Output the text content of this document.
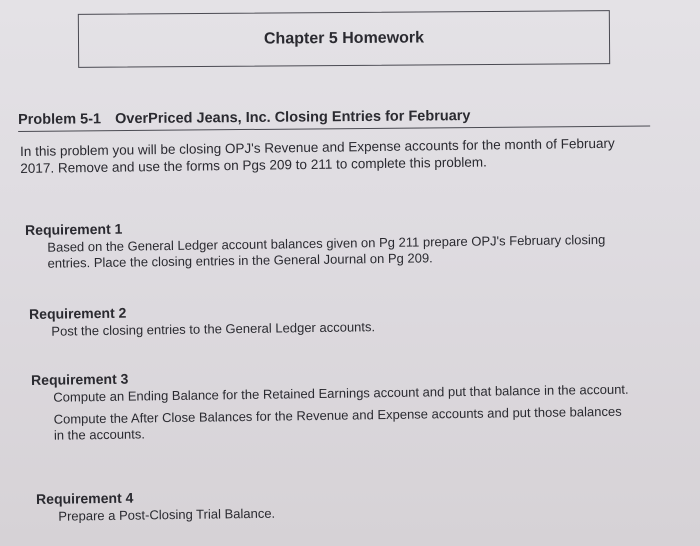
Chapter 5 Homework
Problem 5-1 OverPriced Jeans, Inc. Closing Entries for February
In this problem you will be closing OPJ's Revenue and Expense accounts for the month of February 2017. Remove and use the forms on Pgs 209 to 211 to complete this problem.
Requirement 1

Based on the General Ledger account balances given on Pg 211 prepare OPJ's February closing entries. Place the closing entries in the General Journal on Pg 209.

Requirement 2

Post the closing entries to the General Ledger accounts.

Requirement 3

Compute an Ending Balance for the Retained Earnings account and put that balance in the account.

Compute the After Close Balances for the Revenue and Expense accounts and put those balances in the accounts.

Requirement 4

Prepare a Post-Closing Trial Balance.
